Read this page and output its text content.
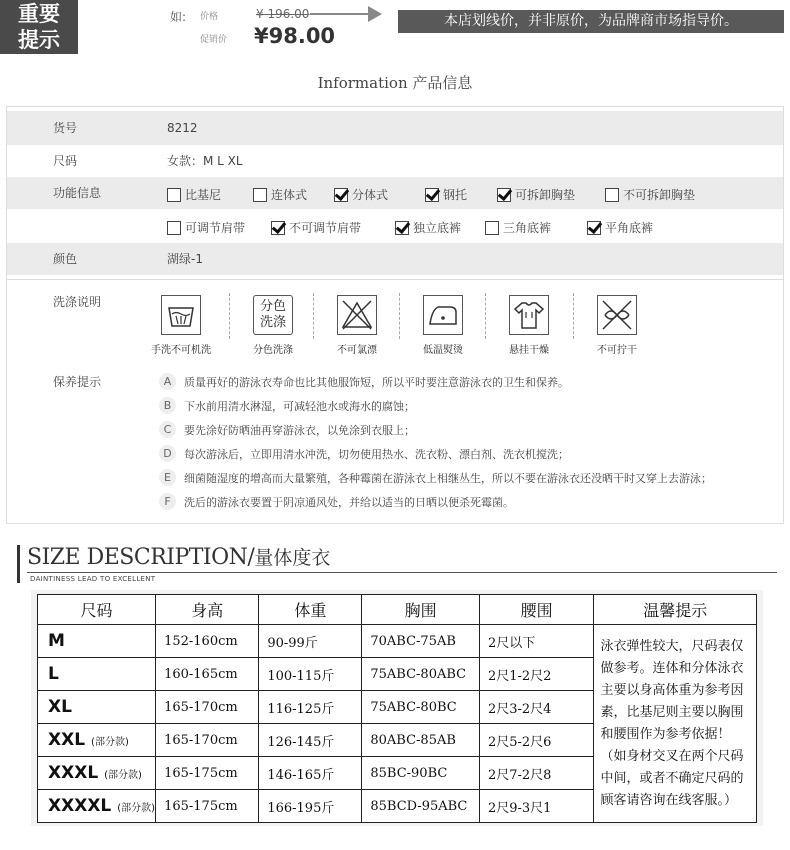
重要
提示
如: 价格	¥ 196.00
促销价 ¥98.00
本店划线价，并非原价，为品牌商市场指导价。
Information 产品信息
货号	8212
尺码	女款：M L XL
功能信息	比基尼	连体式	分体式	钢托	可拆卸胸垫	不可拆卸胸垫
可调节肩带	不可调节肩带	独立底裤	三角底裤	平角底裤
颜色	湖绿-1
洗涤说明
手洗不可机洗
分色
洗涤
分色洗涤	不可氯漂	低温熨烫	悬挂干燥	不可拧干
保养提示	A	质量再好的游泳衣寿命也比其他服饰短，所以平时要注意游泳衣的卫生和保养。
B	下水前用清水淋湿，可减轻池水或海水的腐蚀；
C	要先涂好防晒油再穿游泳衣，以免涂到衣服上；
D	每次游泳后，立即用清水冲洗，切勿使用热水、洗衣粉、漂白剂、洗衣机搅洗；
E	细菌随湿度的增高而大量繁殖，各种霉菌在游泳衣上相继丛生，所以不要在游泳衣还没晒干时又穿上去游泳；
F	洗后的游泳衣要置于阴凉通风处，并给以适当的日晒以便杀死霉菌。
SIZE DESCRIPTION/量体度衣
DAINTINESS LEAD TO EXCELLENT
尺码	身高	体重	胸围	腰围	温馨提示
M	152-160cm	90-99斤	70ABC-75AB	2尺以下	泳衣弹性较大，尺码表仅做参考。连体和分体泳衣主要以身高体重为参考因素，比基尼则主要以胸围和腰围作为参考依据！（如身材交叉在两个尺码中间，或者不确定尺码的顾客请咨询在线客服。）
L	160-165cm	100-115斤	75ABC-80ABC	2尺1-2尺2	
XL	165-170cm	116-125斤	75ABC-80BC	2尺3-2尺4	
XXL (部分款)	165-170cm	126-145斤	80ABC-85AB	2尺5-2尺6	
XXXL (部分款)	165-175cm	146-165斤	85BC-90BC	2尺7-2尺8	
XXXXL (部分款)	165-175cm	166-195斤	85BCD-95ABC	2尺9-3尺1	
